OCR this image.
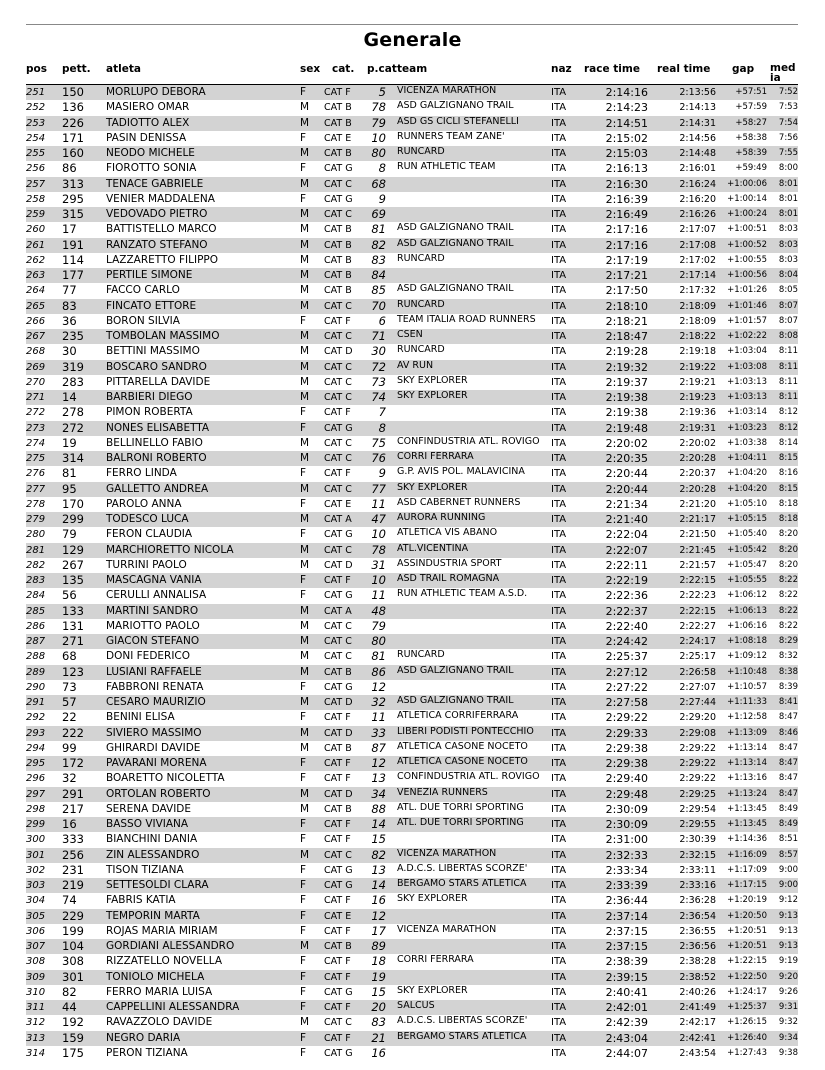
Generale
pos pett. atleta	sex cat. p.cat team	naz race time real time gap media
251 150 MORLUPO DEBORA	F CAT F	5 VICENZA MARATHON	ITA	2:14:16	2:13:56	+57:51	7:52
252 136 MASIERO OMAR	M CAT B	78 ASD GALZIGNANO TRAIL	ITA	2:14:23	2:14:13	+57:59	7:53
253 226 TADIOTTO ALEX	M CAT B	79 ASD GS CICLI STEFANELLI	ITA	2:14:51	2:14:31	+58:27	7:54
254 171 PASIN DENISSA	F CAT E	10 RUNNERS TEAM ZANE'	ITA	2:15:02	2:14:56	+58:38	7:56
255 160 NEODO MICHELE	M CAT B	80 RUNCARD	ITA	2:15:03	2:14:48	+58:39	7:55
256 86	FIOROTTO SONIA	F CAT G	8 RUN ATHLETIC TEAM	ITA	2:16:13	2:16:01	+59:49	8:00
257 313 TENACE GABRIELE	M CAT C	68	ITA	2:16:30	2:16:24	+1:00:06	8:01
258 295 VENIER MADDALENA	F CAT G	9	ITA	2:16:39	2:16:20	+1:00:14	8:01
259 315 VEDOVADO PIETRO	M CAT C	69	ITA	2:16:49	2:16:26	+1:00:24	8:01
260 17	BATTISTELLO MARCO	M CAT B	81 ASD GALZIGNANO TRAIL	ITA	2:17:16	2:17:07	+1:00:51	8:03
261 191 RANZATO STEFANO	M CAT B	82 ASD GALZIGNANO TRAIL	ITA	2:17:16	2:17:08	+1:00:52	8:03
262 114 LAZZARETTO FILIPPO	M CAT B	83 RUNCARD	ITA	2:17:19	2:17:02	+1:00:55	8:03
263 177 PERTILE SIMONE	M CAT B	84	ITA	2:17:21	2:17:14	+1:00:56	8:04
264 77	FACCO CARLO	M CAT B	85 ASD GALZIGNANO TRAIL	ITA	2:17:50	2:17:32	+1:01:26	8:05
265 83	FINCATO ETTORE	M CAT C	70 RUNCARD	ITA	2:18:10	2:18:09	+1:01:46	8:07
266 36	BORON SILVIA	F CAT F	6 TEAM ITALIA ROAD RUNNERS ITA	2:18:21	2:18:09	+1:01:57	8:07
267 235 TOMBOLAN MASSIMO	M CAT C	71 CSEN	ITA	2:18:47	2:18:22	+1:02:22	8:08
268 30	BETTINI MASSIMO	M CAT D	30 RUNCARD	ITA	2:19:28	2:19:18	+1:03:04	8:11
269 319 BOSCARO SANDRO	M CAT C	72 AV RUN	ITA	2:19:32	2:19:22	+1:03:08	8:11
270 283 PITTARELLA DAVIDE	M CAT C	73 SKY EXPLORER	ITA	2:19:37	2:19:21	+1:03:13	8:11
271 14	BARBIERI DIEGO	M CAT C	74 SKY EXPLORER	ITA	2:19:38	2:19:23	+1:03:13	8:11
272 278 PIMON ROBERTA	F CAT F	7	ITA	2:19:38	2:19:36	+1:03:14	8:12
273 272 NONES ELISABETTA	F CAT G	8	ITA	2:19:48	2:19:31	+1:03:23	8:12
274 19	BELLINELLO FABIO	M CAT C	75 CONFINDUSTRIA ATL. ROVIGO ITA	2:20:02	2:20:02	+1:03:38	8:14
275 314 BALRONI ROBERTO	M CAT C	76 CORRI FERRARA	ITA	2:20:35	2:20:28	+1:04:11	8:15
276 81	FERRO LINDA	F CAT F	9 G.P. AVIS POL. MALAVICINA	ITA	2:20:44	2:20:37	+1:04:20	8:16
277 95	GALLETTO ANDREA	M CAT C	77 SKY EXPLORER	ITA	2:20:44	2:20:28	+1:04:20	8:15
278 170 PAROLO ANNA	F CAT E	11 ASD CABERNET RUNNERS	ITA	2:21:34	2:21:20	+1:05:10	8:18
279 299 TODESCO LUCA	M CAT A	47 AURORA RUNNING	ITA	2:21:40	2:21:17	+1:05:15	8:18
280 79	FERON CLAUDIA	F CAT G	10 ATLETICA VIS ABANO	ITA	2:22:04	2:21:50	+1:05:40	8:20
281 129 MARCHIORETTO NICOLA	M CAT C	78 ATL.VICENTINA	ITA	2:22:07	2:21:45	+1:05:42	8:20
282 267 TURRINI PAOLO	M CAT D	31 ASSINDUSTRIA SPORT	ITA	2:22:11	2:21:57	+1:05:47	8:20
283 135 MASCAGNA VANIA	F CAT F	10 ASD TRAIL ROMAGNA	ITA	2:22:19	2:22:15	+1:05:55	8:22
284 56	CERULLI ANNALISA	F CAT G	11 RUN ATHLETIC TEAM A.S.D. ITA	2:22:36	2:22:23	+1:06:12	8:22
285 133 MARTINI SANDRO	M CAT A	48	ITA	2:22:37	2:22:15	+1:06:13	8:22
286 131 MARIOTTO PAOLO	M CAT C	79	ITA	2:22:40	2:22:27	+1:06:16	8:22
287 271 GIACON STEFANO	M CAT C	80	ITA	2:24:42	2:24:17	+1:08:18	8:29
288 68	DONI FEDERICO	M CAT C	81 RUNCARD	ITA	2:25:37	2:25:17	+1:09:12	8:32
289 123 LUSIANI RAFFAELE	M CAT B	86 ASD GALZIGNANO TRAIL	ITA	2:27:12	2:26:58	+1:10:48	8:38
290 73	FABBRONI RENATA	F CAT G	12	ITA	2:27:22	2:27:07	+1:10:57	8:39
291 57	CESARO MAURIZIO	M CAT D	32 ASD GALZIGNANO TRAIL	ITA	2:27:58	2:27:44	+1:11:33	8:41
292 22	BENINI ELISA	F CAT F	11 ATLETICA CORRIFERRARA	ITA	2:29:22	2:29:20	+1:12:58	8:47
293 222 SIVIERO MASSIMO	M CAT D	33 LIBERI PODISTI PONTECCHIO ITA	2:29:33	2:29:08	+1:13:09	8:46
294 99	GHIRARDI DAVIDE	M CAT B	87 ATLETICA CASONE NOCETO ITA	2:29:38	2:29:22	+1:13:14	8:47
295 172 PAVARANI MORENA	F CAT F	12 ATLETICA CASONE NOCETO ITA	2:29:38	2:29:22	+1:13:14	8:47
296 32	BOARETTO NICOLETTA	F CAT F	13 CONFINDUSTRIA ATL. ROVIGO ITA	2:29:40	2:29:22	+1:13:16	8:47
297 291 ORTOLAN ROBERTO	M CAT D	34 VENEZIA RUNNERS	ITA	2:29:48	2:29:25	+1:13:24	8:47
298 217 SERENA DAVIDE	M CAT B	88 ATL. DUE TORRI SPORTING	ITA	2:30:09	2:29:54	+1:13:45	8:49
299 16	BASSO VIVIANA	F CAT F	14 ATL. DUE TORRI SPORTING	ITA	2:30:09	2:29:55	+1:13:45	8:49
300 333 BIANCHINI DANIA	F CAT F	15	ITA	2:31:00	2:30:39	+1:14:36	8:51
301 256 ZIN ALESSANDRO	M CAT C	82 VICENZA MARATHON	ITA	2:32:33	2:32:15	+1:16:09	8:57
302 231 TISON TIZIANA	F CAT G	13 A.D.C.S. LIBERTAS SCORZE' ITA	2:33:34	2:33:11	+1:17:09	9:00
303 219 SETTESOLDI CLARA	F CAT G	14 BERGAMO STARS ATLETICA ITA	2:33:39	2:33:16	+1:17:15	9:00
304 74	FABRIS KATIA	F CAT F	16 SKY EXPLORER	ITA	2:36:44	2:36:28	+1:20:19	9:12
305 229 TEMPORIN MARTA	F CAT E	12	ITA	2:37:14	2:36:54	+1:20:50	9:13
306 199 ROJAS MARIA MIRIAM	F CAT F	17 VICENZA MARATHON	ITA	2:37:15	2:36:55	+1:20:51	9:13
307 104 GORDIANI ALESSANDRO	M CAT B	89	ITA	2:37:15	2:36:56	+1:20:51	9:13
308 308 RIZZATELLO NOVELLA	F CAT F	18 CORRI FERRARA	ITA	2:38:39	2:38:28	+1:22:15	9:19
309 301 TONIOLO MICHELA	F CAT F	19	ITA	2:39:15	2:38:52	+1:22:50	9:20
310 82	FERRO MARIA LUISA	F CAT G	15 SKY EXPLORER	ITA	2:40:41	2:40:26	+1:24:17	9:26
311 44	CAPPELLINI ALESSANDRA	F CAT F	20 SALCUS	ITA	2:42:01	2:41:49	+1:25:37	9:31
312 192 RAVAZZOLO DAVIDE	M CAT C	83 A.D.C.S. LIBERTAS SCORZE' ITA	2:42:39	2:42:17	+1:26:15	9:32
313 159 NEGRO DARIA	F CAT F	21 BERGAMO STARS ATLETICA ITA	2:43:04	2:42:41	+1:26:40	9:34
314 175 PERON TIZIANA	F CAT G	16	ITA	2:44:07	2:43:54	+1:27:43	9:38
